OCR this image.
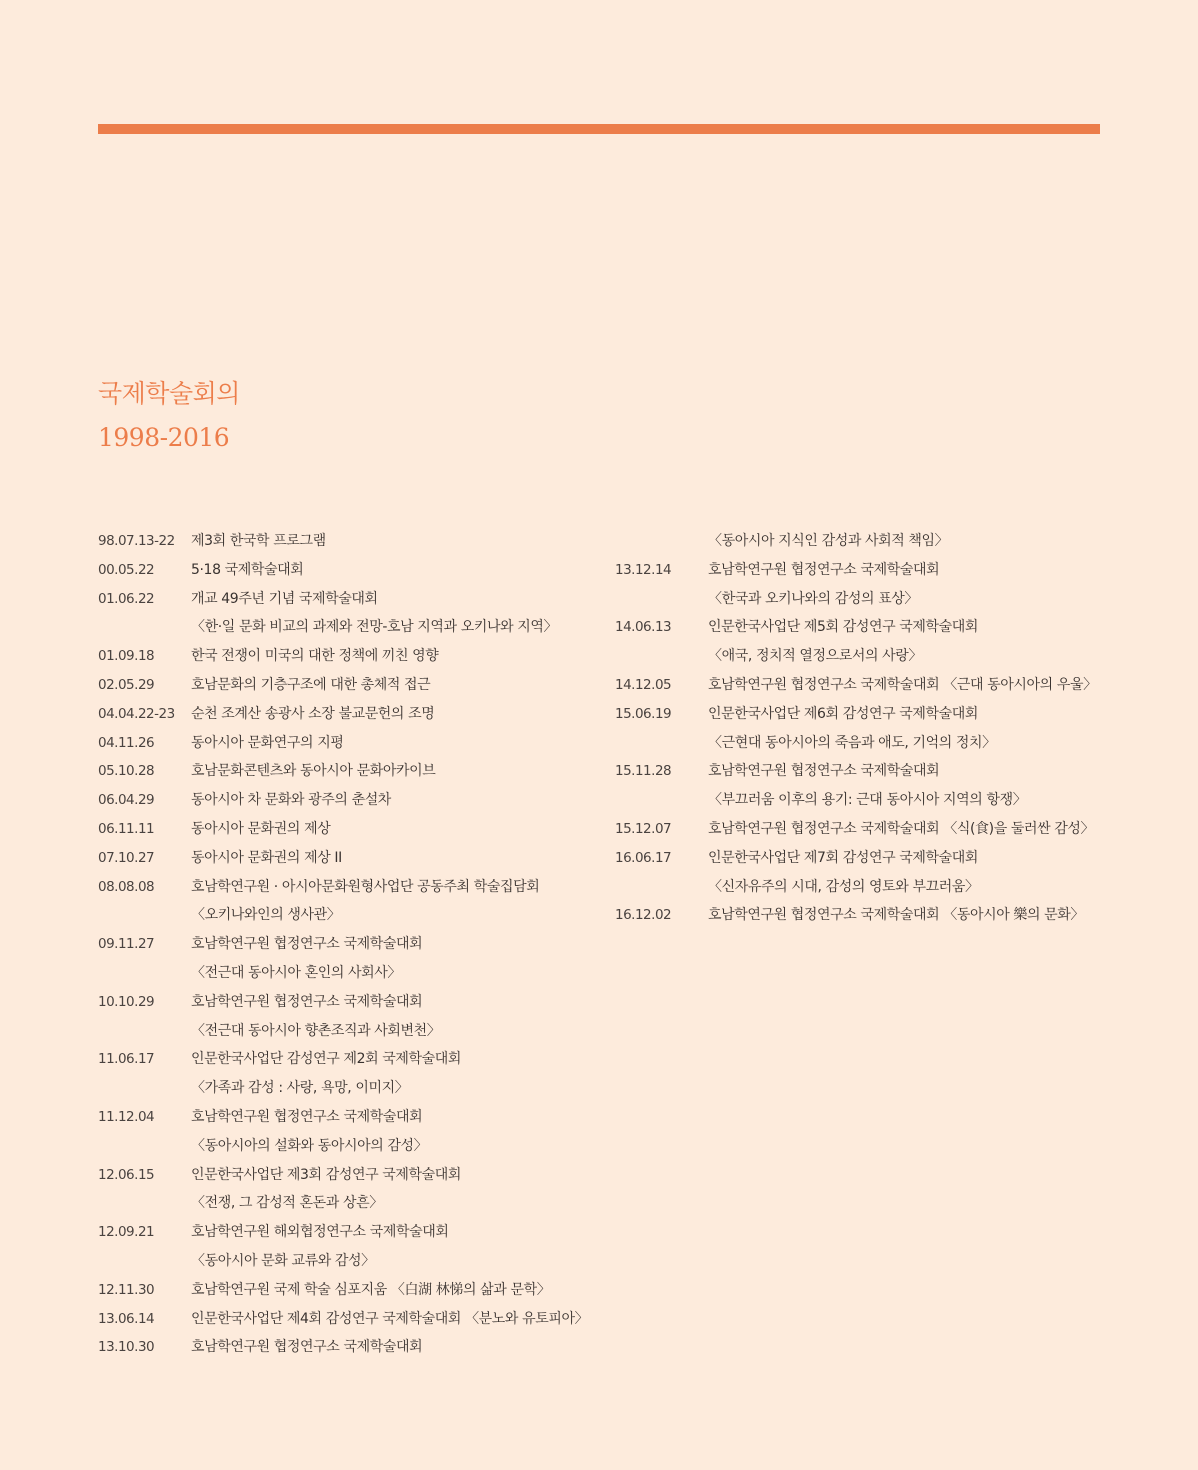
국제학술회의
1998-2016
98.07.13-22 제3회 한국학 프로그램
00.05.22	5·18 국제학술대회
01.06.22	개교 49주년 기념 국제학술대회
〈한·일 문화 비교의 과제와 전망-호남 지역과 오키나와 지역〉
01.09.18	한국 전쟁이 미국의 대한 정책에 끼친 영향
02.05.29	호남문화의 기층구조에 대한 총체적 접근
04.04.22-23 순천 조계산 송광사 소장 불교문헌의 조명
04.11.26	동아시아 문화연구의 지평
05.10.28	호남문화콘텐츠와 동아시아 문화아카이브
06.04.29	동아시아 차 문화와 광주의 춘설차
06.11.11	동아시아 문화권의 제상
07.10.27	동아시아 문화권의 제상 II
08.08.08	호남학연구원 · 아시아문화원형사업단 공동주최 학술집담회
〈오키나와인의 생사관〉
09.11.27	호남학연구원 협정연구소 국제학술대회
〈전근대 동아시아 혼인의 사회사〉
10.10.29	호남학연구원 협정연구소 국제학술대회
〈전근대 동아시아 향촌조직과 사회변천〉
11.06.17	인문한국사업단 감성연구 제2회 국제학술대회
〈가족과 감성 : 사랑, 욕망, 이미지〉
11.12.04	호남학연구원 협정연구소 국제학술대회
〈동아시아의 설화와 동아시아의 감성〉
12.06.15	인문한국사업단 제3회 감성연구 국제학술대회
〈전쟁, 그 감성적 혼돈과 상흔〉
12.09.21	호남학연구원 해외협정연구소 국제학술대회
〈동아시아 문화 교류와 감성〉
12.11.30	호남학연구원 국제 학술 심포지움 〈白湖 林悌의 삶과 문학〉
13.06.14	인문한국사업단 제4회 감성연구 국제학술대회 〈분노와 유토피아〉
13.10.30	호남학연구원 협정연구소 국제학술대회
〈동아시아 지식인 감성과 사회적 책임〉
13.12.14	호남학연구원 협정연구소 국제학술대회
〈한국과 오키나와의 감성의 표상〉
14.06.13	인문한국사업단 제5회 감성연구 국제학술대회
〈애국, 정치적 열정으로서의 사랑〉
14.12.05	호남학연구원 협정연구소 국제학술대회 〈근대 동아시아의 우울〉
15.06.19	인문한국사업단 제6회 감성연구 국제학술대회
〈근현대 동아시아의 죽음과 애도, 기억의 정치〉
15.11.28	호남학연구원 협정연구소 국제학술대회
〈부끄러움 이후의 용기: 근대 동아시아 지역의 항쟁〉
15.12.07	호남학연구원 협정연구소 국제학술대회 〈식(食)을 둘러싼 감성〉
16.06.17	인문한국사업단 제7회 감성연구 국제학술대회
〈신자유주의 시대, 감성의 영토와 부끄러움〉
16.12.02	호남학연구원 협정연구소 국제학술대회 〈동아시아 樂의 문화〉
